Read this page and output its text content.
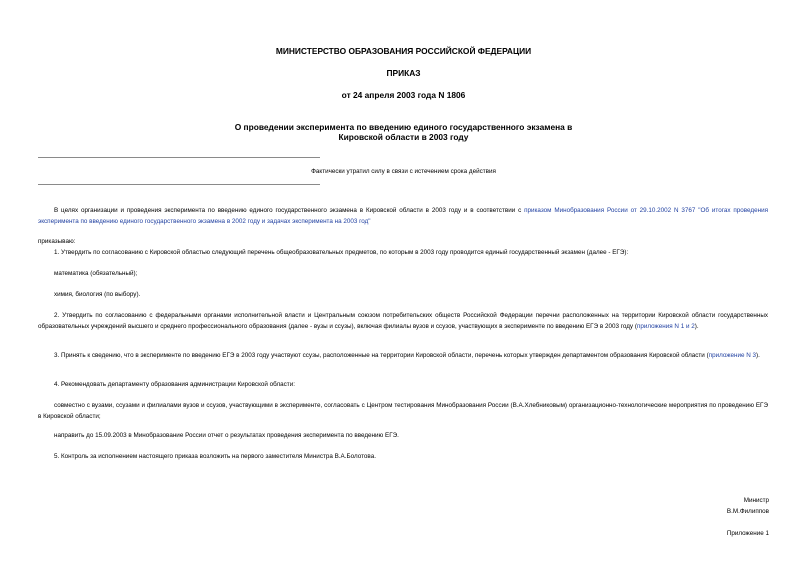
МИНИСТЕРСТВО ОБРАЗОВАНИЯ РОССИЙСКОЙ ФЕДЕРАЦИИ
ПРИКАЗ
от 24 апреля 2003 года N 1806
О проведении эксперимента по введению единого государственного экзамена в
Кировской области в 2003 году
Фактически утратил силу в связи с истечением срока действия
В целях организации и проведения эксперимента по введению единого государственного экзамена в Кировской области в 2003 году и в соответствии с приказом Минобразования России от 29.10.2002 N 3767 "Об итогах проведения эксперимента по введению единого государственного экзамена в 2002 году и задачах эксперимента на 2003 год"
приказываю:
1. Утвердить по согласованию с Кировской областью следующий перечень общеобразовательных предметов, по которым в 2003 году проводится единый государственный экзамен (далее - ЕГЭ):
математика (обязательный);
химия, биология (по выбору).
2. Утвердить по согласованию с федеральными органами исполнительной власти и Центральным союзом потребительских обществ Российской Федерации перечни расположенных на территории Кировской области государственных образовательных учреждений высшего и среднего профессионального образования (далее - вузы и ссузы), включая филиалы вузов и ссузов, участвующих в эксперименте по введению ЕГЭ в 2003 году (приложения N 1 и 2).
3. Принять к сведению, что в эксперименте по введению ЕГЭ в 2003 году участвуют ссузы, расположенные на территории Кировской области, перечень которых утвержден департаментом образования Кировской области (приложение N 3).
4. Рекомендовать департаменту образования администрации Кировской области:
совместно с вузами, ссузами и филиалами вузов и ссузов, участвующими в эксперименте, согласовать с Центром тестирования Минобразования России (В.А.Хлебниковым) организационно-технологические мероприятия по проведению ЕГЭ в Кировской области;
направить до 15.09.2003 в Минобразование России отчет о результатах проведения эксперимента по введению ЕГЭ.
5. Контроль за исполнением настоящего приказа возложить на первого заместителя Министра В.А.Болотова.
Министр
В.М.Филиппов
Приложение 1
